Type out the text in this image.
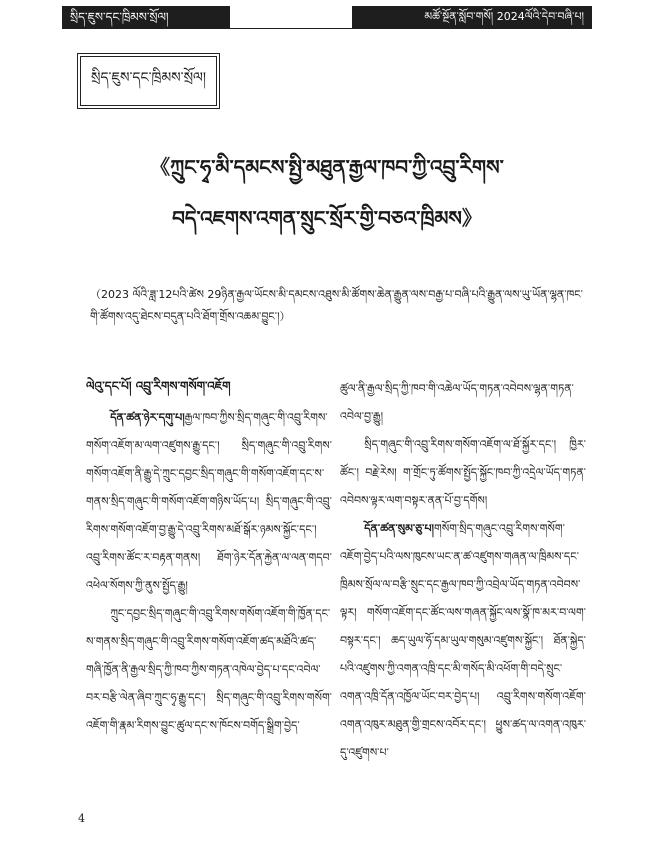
སྲིད་ཇུས་དང་ཁྲིམས་སྲོལ།	མཚོ་སྔོན་སློབ་གསོ། 2024ལོའི་དེབ་བཞི་པ།
སྲིད་ཇུས་དང་ཁྲིམས་སྲོལ།
《ཀྲུང་ཧྭ་མི་དམངས་སྤྱི་མཐུན་རྒྱལ་ཁབ་ཀྱི་འབྲུ་རིགས་
བདེ་འཇགས་འགན་སྲུང་སྲོར་གྱི་བཅའ་ཁྲིམས》
（2023 ལོའི་ཟླ་12པའི་ཚེས 29ཉིན་རྒྱལ་ཡོངས་མི་དམངས་འཐུས་མི་ཚོགས་ཆེན་རྒྱུན་ལས་བརྒྱ་པ་བཞི་པའི་རྒྱུན་ལས་ཡུ་ཡོན་ལྷན་ཁང་གི་ཚོགས་འདུ་ཐེངས་བདུན་པའི་ཐོག་གྲོས་འཆམ་བྱུང་།）
ལེའུ་དང་པོ། འབྲུ་རིགས་གསོག་འཇོག

དོན་ཚན་ཉེར་དགུ་པ།རྒྱལ་ཁབ་ཀྱིས་སྲིད་གཞུང་གི་འབྲུ་རིགས་གསོག་འཇོག་མ་ལག་འཛུགས་རྒྱུ་དང་། སྲིད་གཞུང་གི་འབྲུ་རིགས་གསོག་འཇོག་ནི་རྒྱུ་དེ་ཀྲུང་དབྱང་སྲིད་གཞུང་གི་གསོག་འཇོག་དང་ས་གནས་སྲིད་གཞུང་གི་གསོག་འཇོག་གཉིས་ཡོད་པ། སྲིད་གཞུང་གི་འབྲུ་རིགས་གསོག་འཇོག་བྱ་རྒྱུ་དེ་འབྲུ་རིགས་མཐོ་སྒོར་ཉམས་སྐྱོང་དང་། འབྲུ་རིགས་ཚོང་ར་བརྟན་གནས། ཐོག་ཉེར་དོན་རྐྱེན་ལ་ལན་གདབ་འཕེལ་སོགས་ཀྱི་ནུས་སྤྱོད་རྒྱུ།

ཀྲུང་དབྱང་སྲིད་གཞུང་གི་འབྲུ་རིགས་གསོག་འཇོག་གི་ཁྱོན་དང་ས་གནས་སྲིད་གཞུང་གི་འབྲུ་རིགས་གསོག་འཇོག་ཚད་མཐོའི་ཚད་གཞི་ཁྱོན་ནི་རྒྱལ་སྲིད་ཀྱི་ཁབ་ཀྱིས་གཏན་འཁེལ་བྱེད་པ་དང་འབེལ་བར་བརྩི་ལེན་ཞིབ་ཀྲུང་ཧྭ་རྒྱུ་དང་། སྲིད་གཞུང་གི་འབྲུ་རིགས་གསོག་འཇོག་གི་རྣམ་རིགས་བྱུང་ཚུལ་དང་ས་ཁོངས་བགོད་སྒྲིག་བྱེད་

ཚུལ་ནི་རྒྱལ་སྲིད་ཀྱི་ཁབ་གི་འཆེལ་ཡོད་གཏན་འབེབས་ལྷན་གཏན་འབེལ་བྱ་རྒྱུ།

སྲིད་གཞུང་གི་འབྲུ་རིགས་གསོག་འཇོག་ལ་ཐོ་སྐྱོར་དང་། ཁྱིར་ཚོང་། བརྗེ་རེས། ག་གྲོང་ཏུ་ཚོགས་སྤྱོད་སྐྱོང་ཁབ་ཀྱི་འདྲེལ་ཡོད་གཏན་འབེབས་ལྟར་ལག་བསྟར་ནན་པོ་བྱ་དགོས།

དོན་ཚན་སུམ་ཅུ་པ།གསོག་སྲིད་གཞུང་འབྲུ་རིགས་གསོག་འཇོག་བྱེད་པའི་ལས་ཁུངས་ཡང་ན་ཚ་འཛུགས་གཞན་ལ་ཁྲིམས་དང་ཁྲིམས་སྲོལ་ལ་བརྩི་སྲུང་དང་རྒྱལ་ཁབ་ཀྱི་འབྲེལ་ཡོད་གཏན་འབེབས་ལྟར། གསོག་འཇོག་དང་ཚོང་ལས་གཞན་སྐྱོང་ལས་སྣོ་ཁ་མར་བ་ལག་བསྟར་དང་། ཆད་ཡུལ་ཧོ་དམ་ཡུལ་གསུམ་འཛུགས་སྐྱོང་། ཐོན་སྐྱེད་པའི་འཛུགས་ཀྱི་འགན་འཁྲི་དང་མི་གསོད་མི་འཕོག་གི་བདེ་སྲུང་འགན་འཁྲི་དོན་འཁྱོལ་ཡོང་བར་བྱེད་པ། འབྲུ་རིགས་གསོག་འཇོག་འགན་འཁུར་མཐུན་གྱི་གྲངས་འབོར་དང་། ཕྱུས་ཚད་ལ་འགན་འཁུར་དུ་འཛུགས་པ་

4
